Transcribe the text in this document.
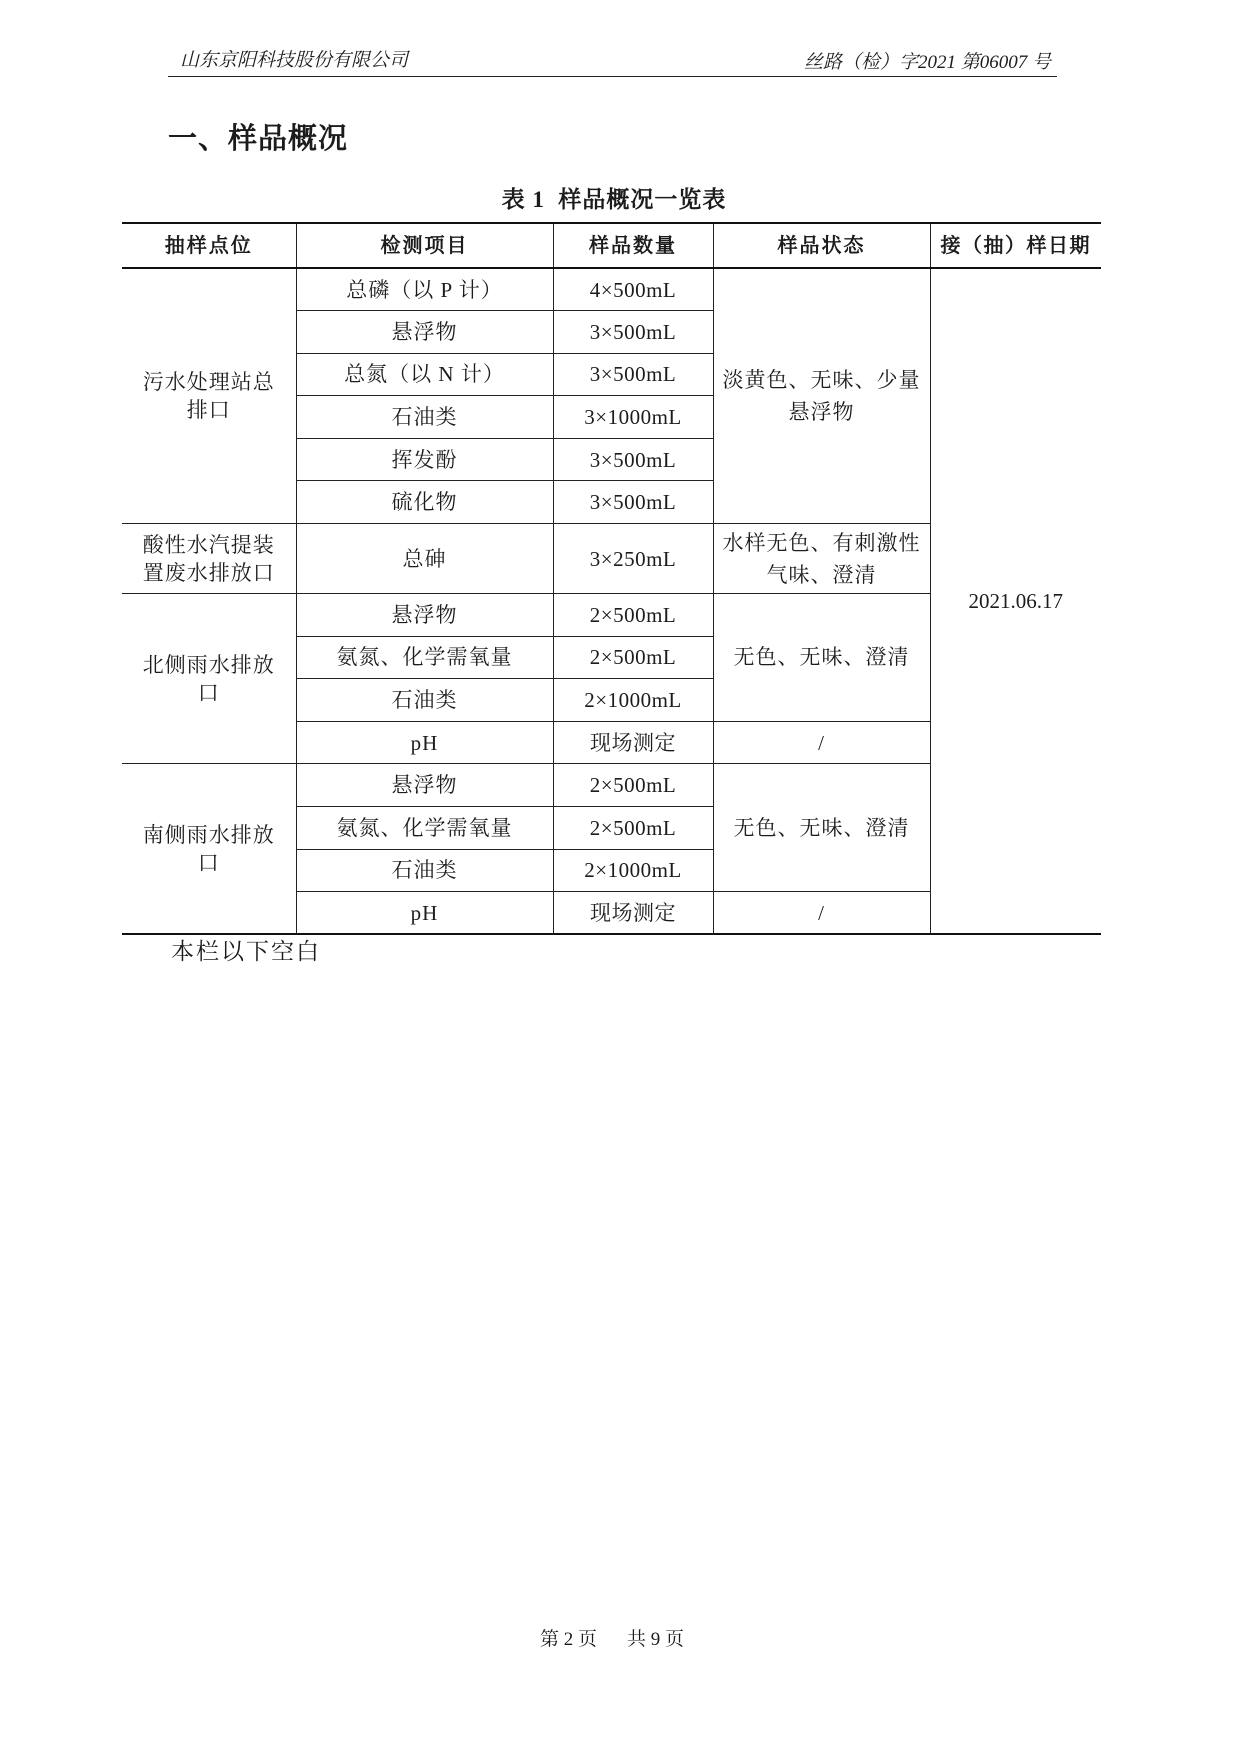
山东京阳科技股份有限公司	丝路（检）字2021 第06007 号
一、样品概况
表 1  样品概况一览表
抽样点位	检测项目	样品数量	样品状态	接（抽）样日期

污水处理站总排口	总磷（以 P 计）	4×500mL	淡黄色、无味、少量悬浮物	2021.06.17
	悬浮物	3×500mL		
	总氮（以 N 计）	3×500mL		
	石油类	3×1000mL		
	挥发酚	3×500mL		
	硫化物	3×500mL		

酸性水汽提装置废水排放口	总砷	3×250mL	水样无色、有刺激性气味、澄清	

北侧雨水排放口	悬浮物	2×500mL	无色、无味、澄清	

	氨氮、化学需氧量	2×500mL		
	石油类	2×1000mL		
	pH	现场测定	/	

南侧雨水排放口	悬浮物	2×500mL	无色、无味、澄清	

	氨氮、化学需氧量	2×500mL		
	石油类	2×1000mL		
	pH	现场测定	/	
本栏以下空白
第 2 页 共 9 页
